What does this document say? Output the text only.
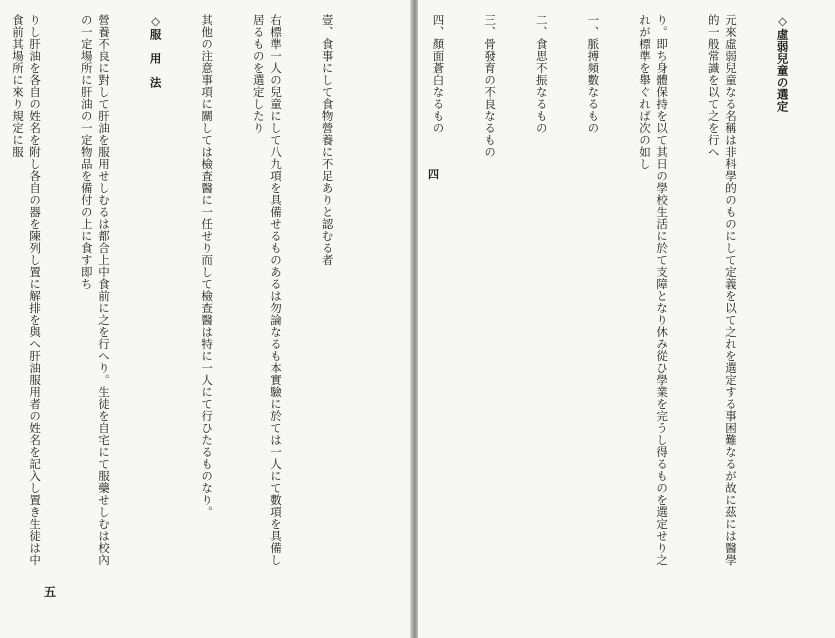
壹、食事にして食物營養に不足ありと認むる者

右標準一人の兒童にして八九項を具備せるものあるは勿論なるも本實驗に於ては一人にて數項を具備し居るものを選定したり

其他の注意事項に關しては檢査醫に一任せり而して檢查醫は特に一人にて行ひたるものなり。

◇服　用　法

營養不良に對して肝油を服用せしむるは都合上中食前に之を行へり。生徒を自宅にて服藥せしむは校內の一定場所に肝油の一定物品を備付の上に食す即ち

りし肝油を各自の姓名を附し各自の器を陳列し置に解排を與へ肝油服用者の姓名を記入し置き生徒は中食前其場所に來り規定に服

五

◇虛弱兒童の選定

元來虛弱兒童なる名稱は非科學的のものにして定義を以て之れを選定する事困難なるが故に茲には醫學的一般常識を以て之を行へ

り。即ち身體保持を以て其日の學校生活に於て支障となり休み從ひ學業を完うし得るものを選定せり之れが標準を舉ぐれば次の如し

一、脈搏頻數なるもの

二、食思不振なるもの

三、骨發育の不良なるもの

四、顏面蒼白なるもの

四
